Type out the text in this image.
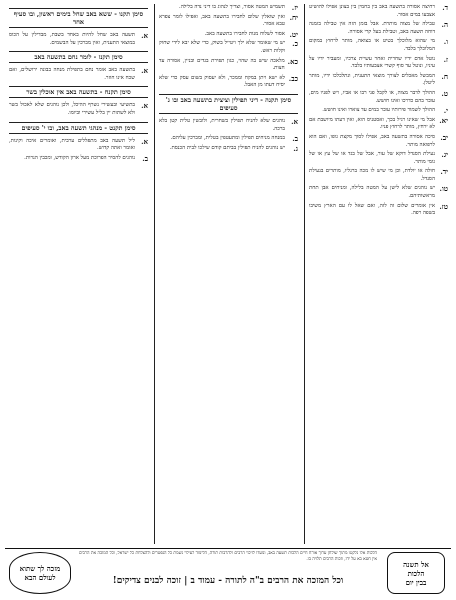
ד.
רחיצה אסורה בתשעה באב בין בחמין בין בצונן אפילו להושיט אצבעו במים אסור.
ה.
טבילה של מצוה מותרת. אבל בזמן הזה אין טבילה בזמנה דוחה תשעה באב, וטבילת בעל קרי אסורה.
ו.
מי שהוא מלוכלך בטיט או בצואה, מותר לרחוץ במקום המלוכלך בלבד.
ז.
נוטל אדם ידיו שחרית ואחר עשיית צרכיו, ומעביר ידיו על עיניו, ונוטל עד סוף קשרי אצבעותיו בלבד.
ח.
המבשל מאכלים לצורך מוצאי התענית, ונתלכלכו ידיו, מותר ליטלן.
ט.
ההולך לדבר מצוה, או לקבל פני רבו או אביו, ויש לפניו מים, עובר בהם כדרכו ואינו חושש.
י.
ההולך לשמור פירותיו עובר במים עד צוארו ואינו חושש.
יא.
אבל מי שאינו רגיל בכך, ואסטניס הוא, ואין דעתו מיושבת אם לא ירחץ, מותר לרחוץ פניו.
יב.
סיכה אסורה בתשעה באב, אפילו לסוך מקצת גופו, ואם הוא לרפואה מותר.
יג.
נעילת הסנדל דוקא של עור, אבל של בגד או של עץ או של גומי מותר.
יד.
חולה או יולדת, וכן מי שיש לו מכה ברגליו, מותרים בנעילת הסנדל.
טו.
יש נוהגים שלא לישן על המטה בלילה, ומניחים אבן תחת מראשותיהם.
טז.
אין אומרים שלום זה לזה, ואם שאל לו עם הארץ משיבו בשפה רפה.
יז.
תשמיש המטה אסור, וצריך לנהוג בו דיני נדה בלילה.
יח.
ואין שואלין שלום לחבירו בתשעה באב, ואפילו לומר צפרא טבא אסור.
יט.
אסור לשלוח מנות לחבירו בתשעה באב.
כ.
יש מי שאומר שלא ילך ויטייל בשוק, כדי שלא יבא לידי שחוק וקלות ראש.
כא.
מלאכה שיש בה שהוי, כגון תפירת בגדים ובניין, אסורה עד חצות.
כב.
לא ישא ויתן במקח וממכר, ולא יעסוק בשום עסק כדי שלא יסיח דעתו מן האבל.
סימן תקנה - דיני תפילין וציצית בתשעה באב ובו ג' סעיפים
א.
נוהגים שלא להניח תפילין בשחרית, ולובשין טלית קטן בלא ברכה.
ב.
במנחה מניחים תפילין ומתעטפין בטלית, ומברכין עליהם.
ג.
יש נוהגים להניח תפילין בביתם קודם שילכו לבית הכנסת.
סימן תקנו - ששא באב שחל בימים ראשון, ובו סעיף אחד
א.
תשעה באב שחל להיות באחד בשבת, מבדילין על הכוס במוצאי התענית, ואין מברכין על הבשמים.
סימן תקנז - לומר נחם בתשעה באב
א.
בתשעה באב אומר נחם בתפילת מנחה בבונה ירושלים, ואם שכח אינו חוזר.
סימן תקנח - בתשעה באב אין אוכלין בשר
א.
בתשיעי ובעשירי נשרף ההיכל, ולכן נוהגים שלא לאכול בשר ולא לשתות יין בליל עשירי וביומו.
סימן תקנט - מנהגי תשעה באב, ובו י' סעיפים
א.
ליל תשעה באב מתפללים ערבית, ואומרים איכה וקינות, ואומר ואתה קדוש.
ב.
נוהגים להסיר הפרוכת מעל ארון הקודש, ומכבין הנרות.
אל תשנה
הלכות
בבין יום
הלכות אלו נלקטו מתוך שולחן ערוך אורח חיים הלכות תשעה באב, ונועדו לזיכוי הרבים ולהרבות תורה, הלימוד לעילוי נשמת כל הנפטרים ולהצלחת כל ישראל, וכל המזכה את הרבים אין חטא בא על ידו, וזכות הרבים תלויה בו.
וכל המזכה את הרבים ב"ה לתורה - עמוד ב | זוכה לבנים צדיקים!
מזכה לך שתוא
לעולם הבא
